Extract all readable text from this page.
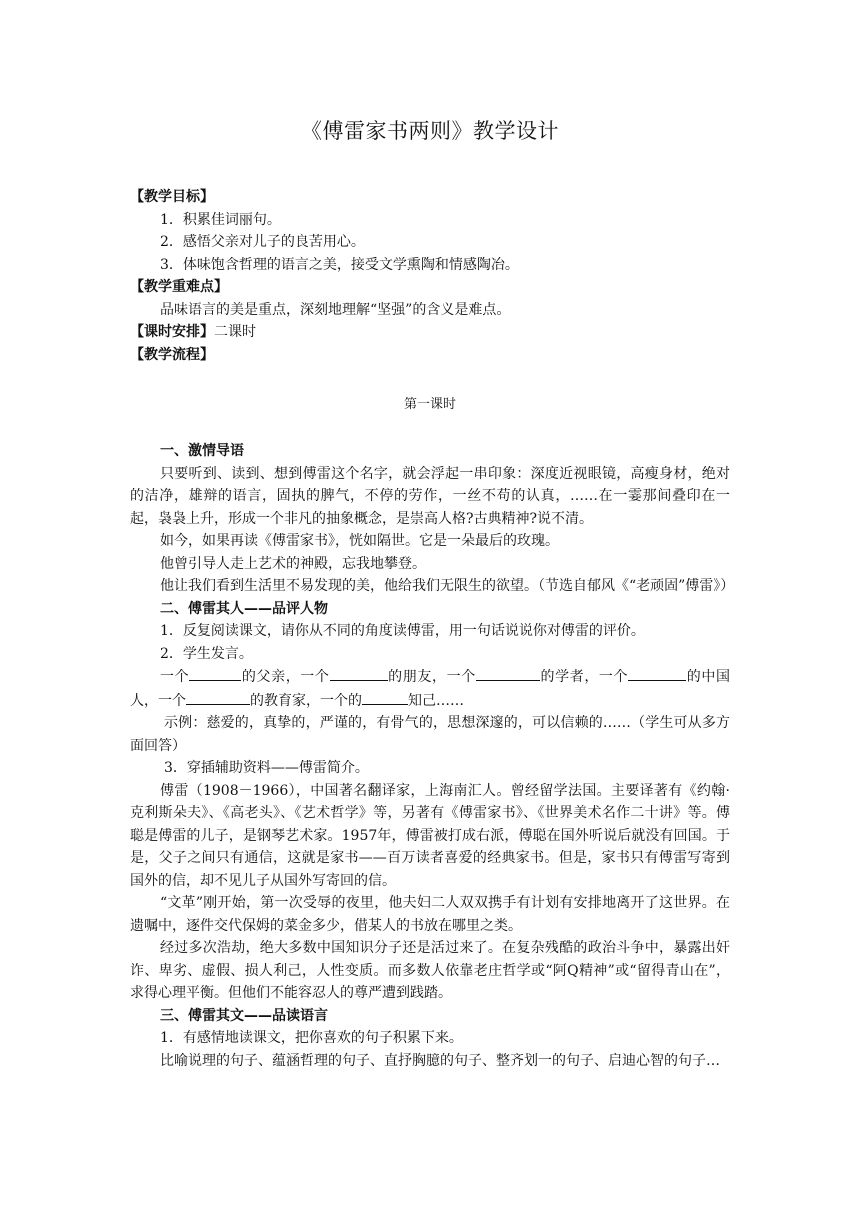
《傅雷家书两则》教学设计

【教学目标】

1．积累佳词丽句。

2．感悟父亲对儿子的良苦用心。

3．体味饱含哲理的语言之美，接受文学熏陶和情感陶冶。

【教学重难点】

品味语言的美是重点，深刻地理解“坚强”的含义是难点。

【课时安排】二课时

【教学流程】

第一课时

一、激情导语

只要听到、读到、想到傅雷这个名字，就会浮起一串印象：深度近视眼镜，高瘦身材，绝对的洁净，雄辩的语言，固执的脾气，不停的劳作，一丝不苟的认真，……在一霎那间叠印在一起，袅袅上升，形成一个非凡的抽象概念，是崇高人格?古典精神?说不清。

如今，如果再读《傅雷家书》，恍如隔世。它是一朵最后的玫瑰。

他曾引导人走上艺术的神殿，忘我地攀登。

他让我们看到生活里不易发现的美，他给我们无限生的欲望。（节选自郁风《“老顽固”傅雷》）

二、傅雷其人——品评人物

1．反复阅读课文，请你从不同的角度读傅雷，用一句话说说你对傅雷的评价。

2．学生发言。

一个	的父亲，一个	的朋友，一个	的学者，一个	的中国人，一个	的教育家，一个的	知己……

示例：慈爱的，真挚的，严谨的，有骨气的，思想深邃的，可以信赖的……（学生可从多方面回答）

3．穿插辅助资料——傅雷简介。

傅雷（1908－1966），中国著名翻译家，上海南汇人。曾经留学法国。主要译著有《约翰·克利斯朵夫》、《高老头》、《艺术哲学》等，另著有《傅雷家书》、《世界美术名作二十讲》等。傅聪是傅雷的儿子，是钢琴艺术家。1957年，傅雷被打成右派，傅聪在国外听说后就没有回国。于是，父子之间只有通信，这就是家书——百万读者喜爱的经典家书。但是，家书只有傅雷写寄到国外的信，却不见儿子从国外写寄回的信。

“文革”刚开始，第一次受辱的夜里，他夫妇二人双双携手有计划有安排地离开了这世界。在遗嘱中，逐件交代保姆的菜金多少，借某人的书放在哪里之类。

经过多次浩劫，绝大多数中国知识分子还是活过来了。在复杂残酷的政治斗争中，暴露出奸诈、卑劣、虚假、损人利己，人性变质。而多数人依靠老庄哲学或“阿Q精神”或“留得青山在”，求得心理平衡。但他们不能容忍人的尊严遭到践踏。

三、傅雷其文——品读语言

1．有感情地读课文，把你喜欢的句子积累下来。

比喻说理的句子、蕴涵哲理的句子、直抒胸臆的句子、整齐划一的句子、启迪心智的句子…
